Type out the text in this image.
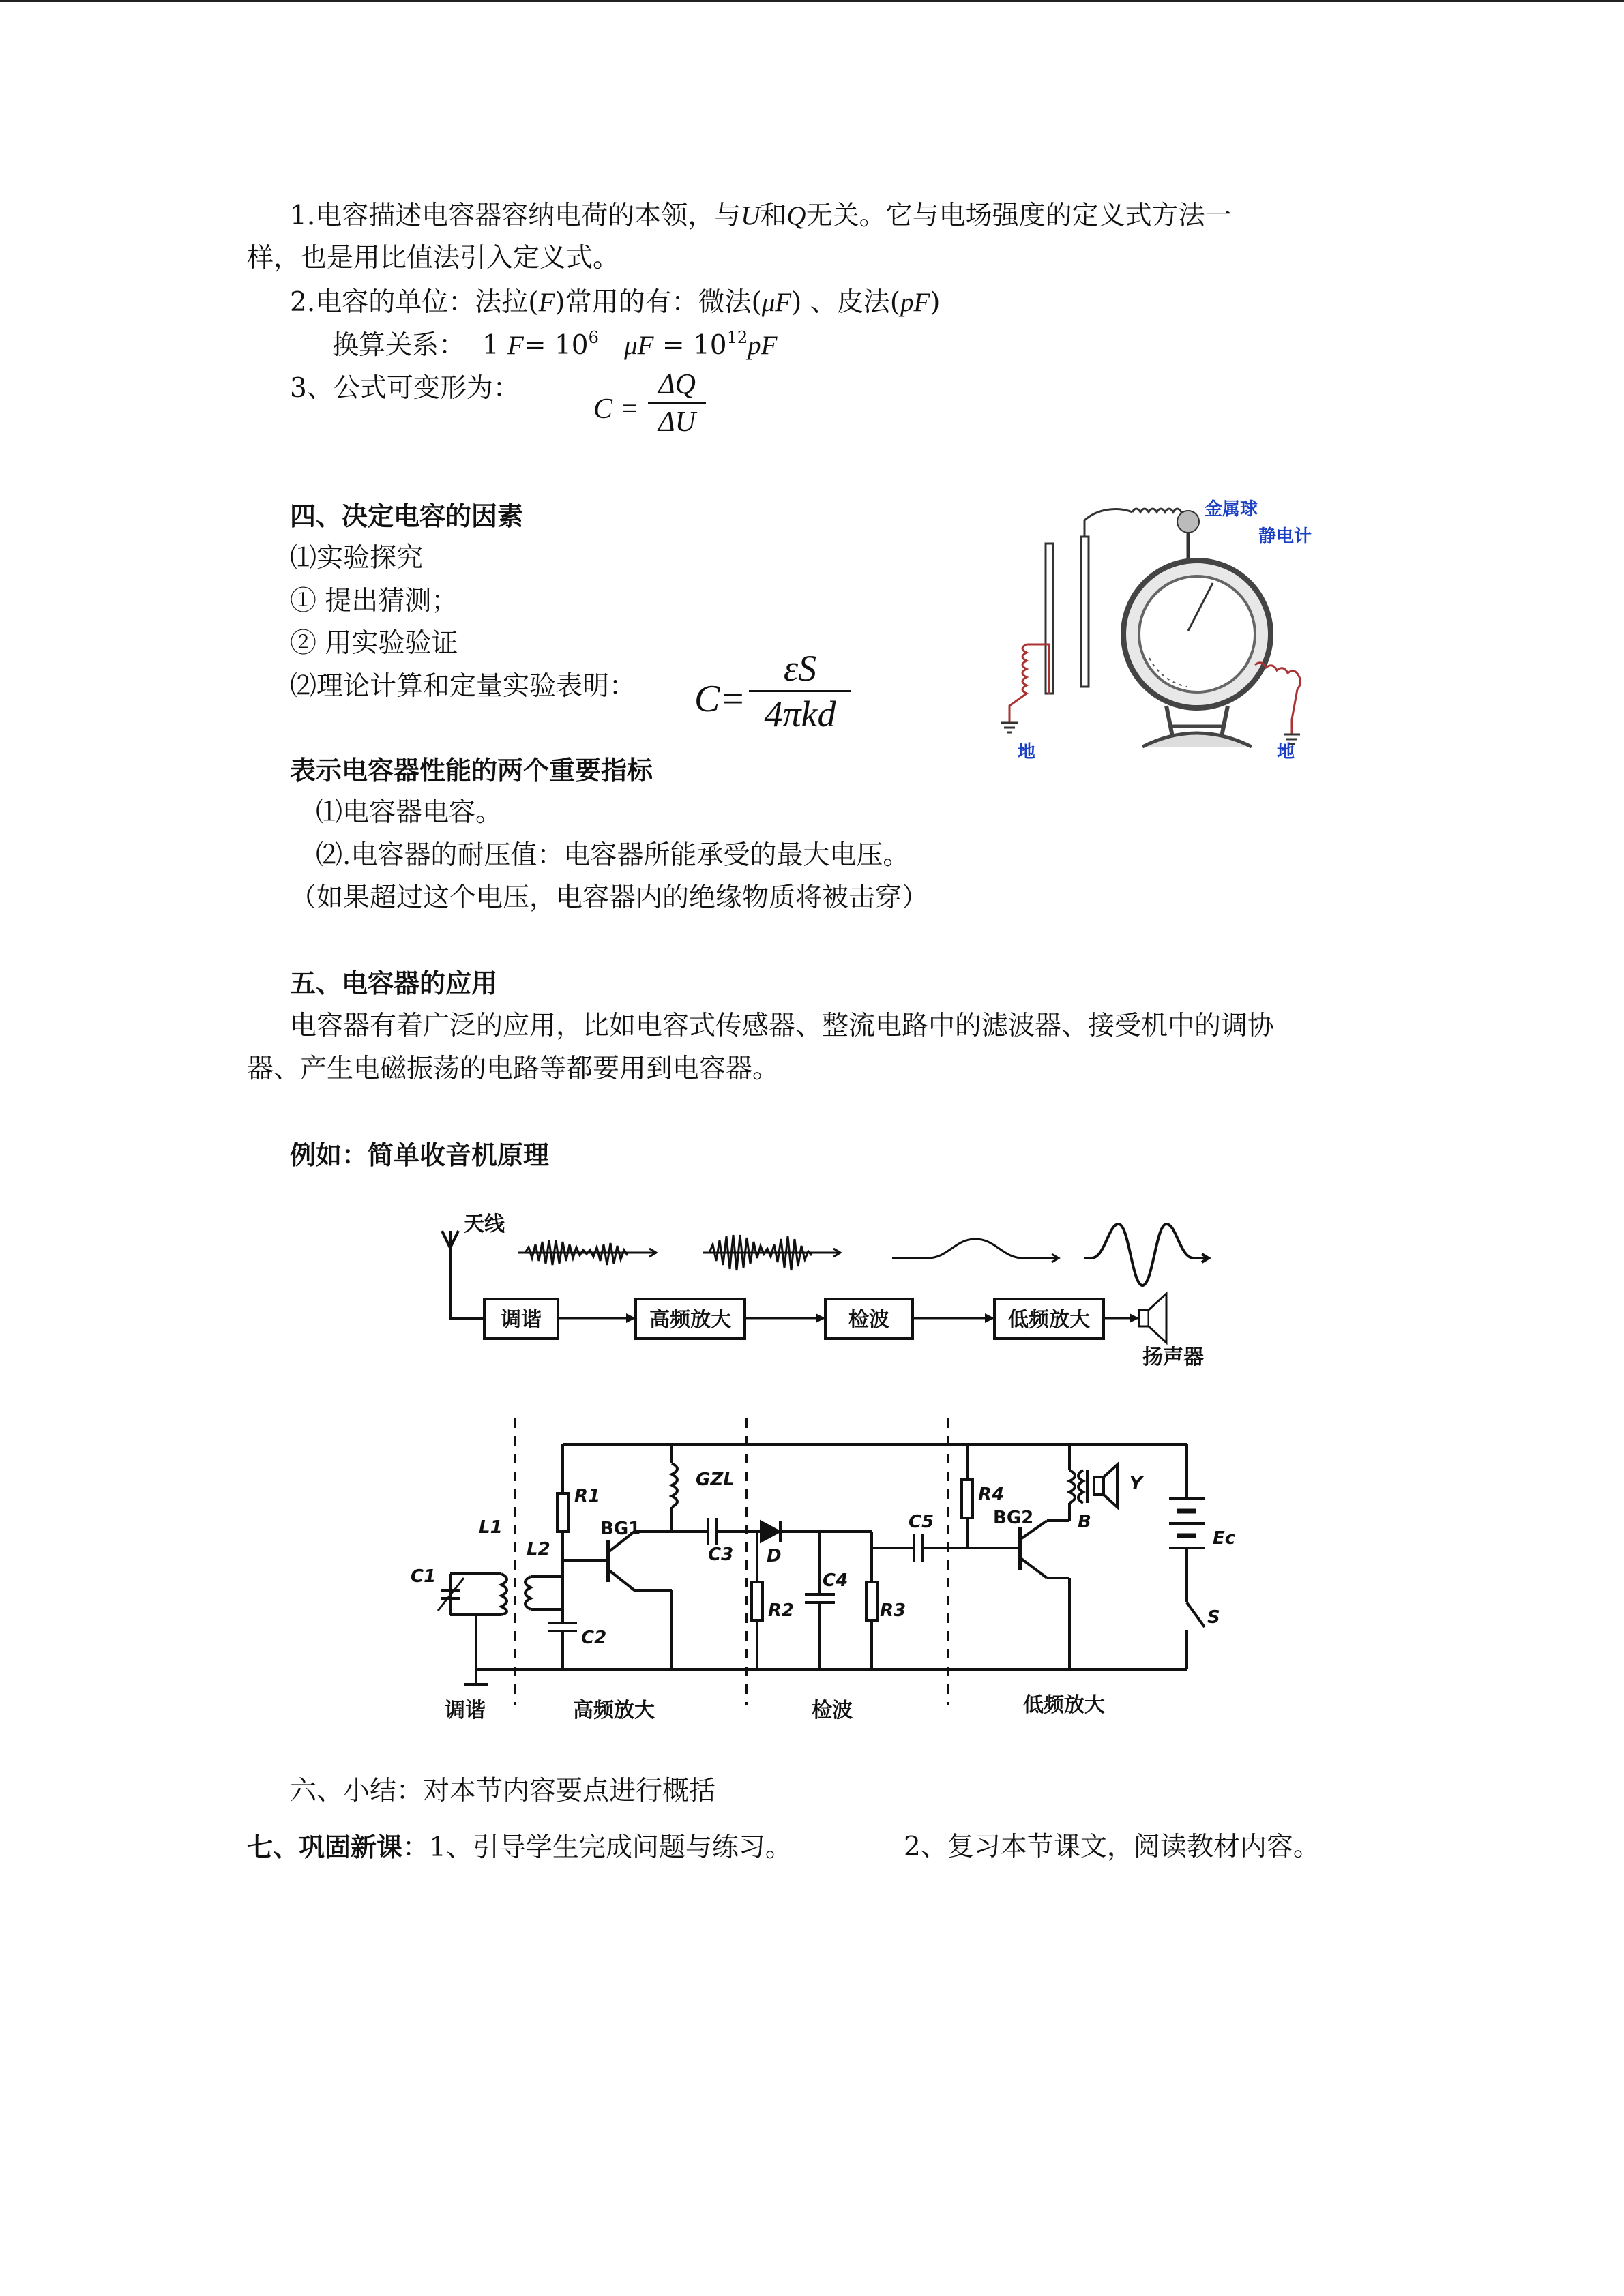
1.电容描述电容器容纳电荷的本领，与U和Q无关。它与电场强度的定义式方法一
样，也是用比值法引入定义式。
2.电容的单位：法拉(F)常用的有：微法(μF) 、皮法(pF)
换算关系： 1 $F= 10^6$ $\mu F = 10^{12}pF$
3、公式可变形为：
C =
ΔQ
ΔU
四、决定电容的因素
⑴实验探究
① 提出猜测；
② 用实验验证
⑵理论计算和定量实验表明： C=
εS
4πkd
金属球
静电计
地	地
表示电容器性能的两个重要指标
⑴电容器电容。
⑵.电容器的耐压值：电容器所能承受的最大电压。
（如果超过这个电压，电容器内的绝缘物质将被击穿）
五、电容器的应用
电容器有着广泛的应用，比如电容式传感器、整流电路中的滤波器、接受机中的调协
器、产生电磁振荡的电路等都要用到电容器。
例如：简单收音机原理
天线
调谐	高频放大	检波	低频放大
扬声器
L1
C1
L2
R1
BG1
GZL
C2
C3 D
R2
C4
R3
C5
R4
BG2 B
Y
Ec
S
调谐	高频放大	检波	低频放大
六、小结：对本节内容要点进行概括
七、巩固新课：1、引导学生完成问题与练习。	2、复习本节课文，阅读教材内容。
